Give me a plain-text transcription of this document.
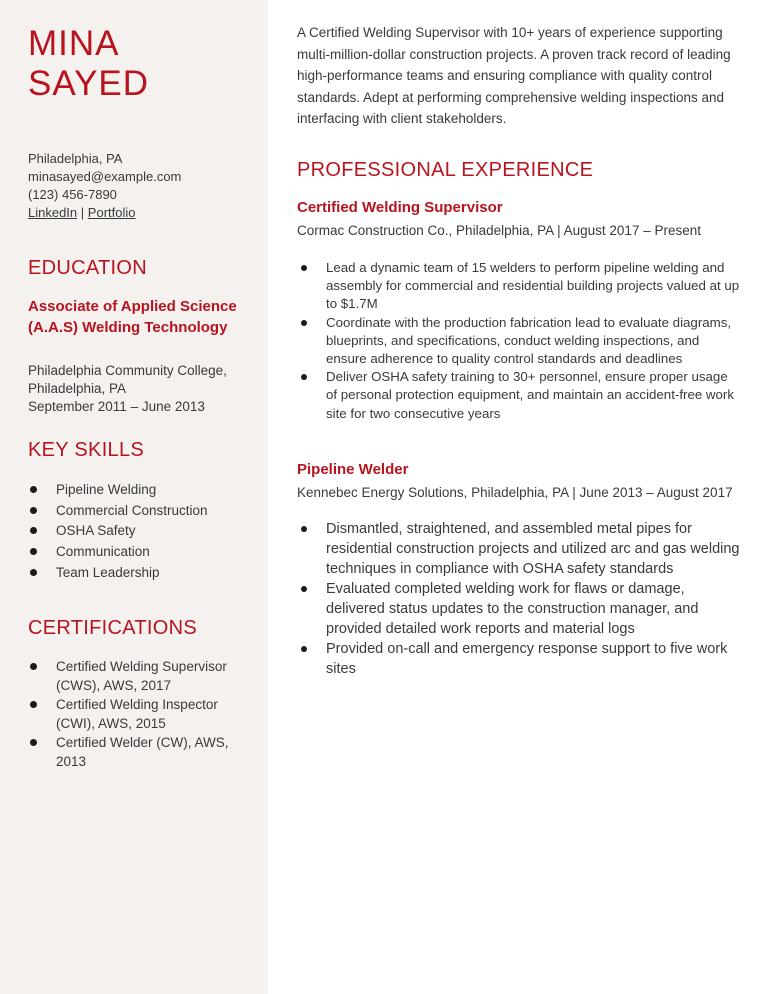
MINA
SAYED
Philadelphia, PA
minasayed@example.com
(123) 456-7890
LinkedIn | Portfolio
EDUCATION
Associate of Applied Science (A.A.S) Welding Technology
Philadelphia Community College, Philadelphia, PA
September 2011 – June 2013
KEY SKILLS
Pipeline Welding
Commercial Construction
OSHA Safety
Communication
Team Leadership
CERTIFICATIONS
Certified Welding Supervisor (CWS), AWS, 2017
Certified Welding Inspector (CWI), AWS, 2015
Certified Welder (CW), AWS, 2013
A Certified Welding Supervisor with 10+ years of experience supporting multi-million-dollar construction projects. A proven track record of leading high-performance teams and ensuring compliance with quality control standards. Adept at performing comprehensive welding inspections and interfacing with client stakeholders.
PROFESSIONAL EXPERIENCE
Certified Welding Supervisor
Cormac Construction Co., Philadelphia, PA | August 2017 – Present
Lead a dynamic team of 15 welders to perform pipeline welding and assembly for commercial and residential building projects valued at up to $1.7M
Coordinate with the production fabrication lead to evaluate diagrams, blueprints, and specifications, conduct welding inspections, and ensure adherence to quality control standards and deadlines
Deliver OSHA safety training to 30+ personnel, ensure proper usage of personal protection equipment, and maintain an accident-free work site for two consecutive years
Pipeline Welder
Kennebec Energy Solutions, Philadelphia, PA | June 2013 – August 2017
Dismantled, straightened, and assembled metal pipes for residential construction projects and utilized arc and gas welding techniques in compliance with OSHA safety standards
Evaluated completed welding work for flaws or damage, delivered status updates to the construction manager, and provided detailed work reports and material logs
Provided on-call and emergency response support to five work sites
